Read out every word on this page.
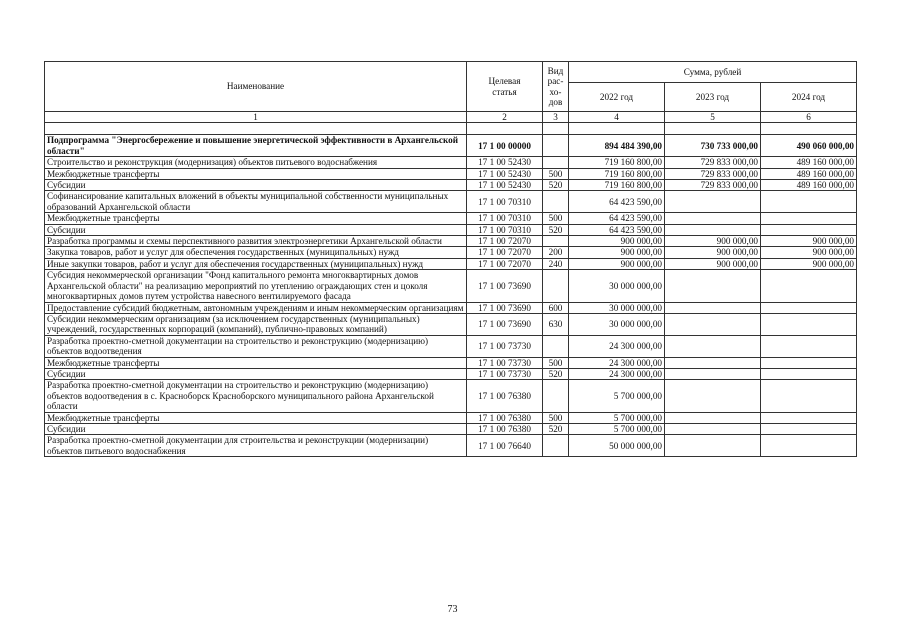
Наименование	Целевая статья	Вид рас-
хо-
дов	Сумма, рублей		
			2022 год	2023 год	2024 год
1	2	3	4	5	6

Подпрограмма "Энергосбережение и повышение энергетической эффективности в Архангельской области"	17 1 00 00000		894 484 390,00	730 733 000,00	490 060 000,00
Строительство и реконструкция (модернизация) объектов питьевого водоснабжения	17 1 00 52430		719 160 800,00	729 833 000,00	489 160 000,00
Межбюджетные трансферты	17 1 00 52430	500	719 160 800,00	729 833 000,00	489 160 000,00
Субсидии	17 1 00 52430	520	719 160 800,00	729 833 000,00	489 160 000,00
Софинансирование капитальных вложений в объекты муниципальной собственности муниципальных образований Архангельской области	17 1 00 70310		64 423 590,00		
Межбюджетные трансферты	17 1 00 70310	500	64 423 590,00		
Субсидии	17 1 00 70310	520	64 423 590,00		
Разработка программы и схемы перспективного развития электроэнергетики Архангельской области	17 1 00 72070		900 000,00	900 000,00	900 000,00
Закупка товаров, работ и услуг для обеспечения государственных (муниципальных) нужд	17 1 00 72070	200	900 000,00	900 000,00	900 000,00
Иные закупки товаров, работ и услуг для обеспечения государственных (муниципальных) нужд	17 1 00 72070	240	900 000,00	900 000,00	900 000,00
Субсидия некоммерческой организации "Фонд капитального ремонта многоквартирных домов Архангельской области" на реализацию мероприятий по утеплению ограждающих стен и цоколя многоквартирных домов путем устройства навесного вентилируемого фасада	17 1 00 73690		30 000 000,00		
Предоставление субсидий бюджетным, автономным учреждениям и иным некоммерческим организациям	17 1 00 73690	600	30 000 000,00		
Субсидии некоммерческим организациям (за исключением государственных (муниципальных) учреждений, государственных корпораций (компаний), публично-правовых компаний)	17 1 00 73690	630	30 000 000,00		
Разработка проектно-сметной документации на строительство и реконструкцию (модернизацию) объектов водоотведения	17 1 00 73730		24 300 000,00		
Межбюджетные трансферты	17 1 00 73730	500	24 300 000,00		
Субсидии	17 1 00 73730	520	24 300 000,00		
Разработка проектно-сметной документации на строительство и реконструкцию (модернизацию) объектов водоотведения в с. Красноборск Красноборского муниципального района Архангельской области	17 1 00 76380		5 700 000,00		
Межбюджетные трансферты	17 1 00 76380	500	5 700 000,00		
Субсидии	17 1 00 76380	520	5 700 000,00		
Разработка проектно-сметной документации для строительства и реконструкции (модернизации) объектов питьевого водоснабжения	17 1 00 76640		50 000 000,00		
73
